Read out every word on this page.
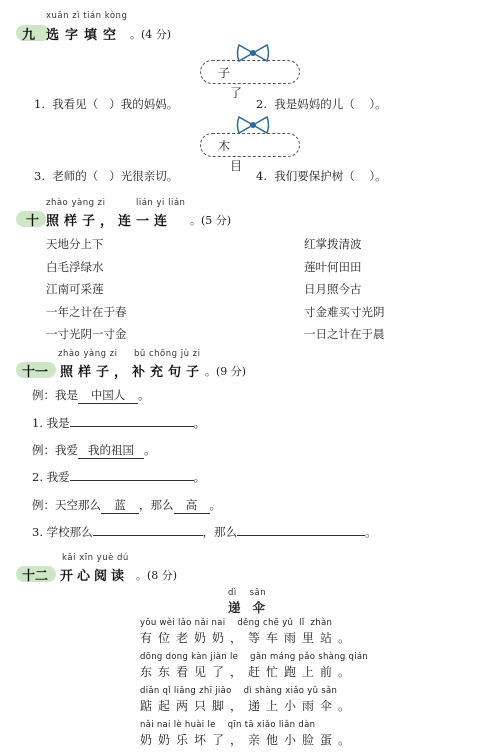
xuǎn zì tián kòng
九 选字填空 。(4 分)
子 了
1. 我看见（ ）我的妈妈。	2. 我是妈妈的儿（ ）。
木 目
3. 老师的（ ）光很亲切。	4. 我们要保护树（ ）。
zhào yàng zi	lián yi lián
十 照样子，连一连 。(5 分)
天地分上下
白毛浮绿水
江南可采莲
一年之计在于春
一寸光阴一寸金
红掌拨清波
莲叶何田田
日月照今古
寸金难买寸光阴
一日之计在于晨
zhào yàng zi bǔ chōng jù zi
十一 照样子，补充句子 。(9 分)
例：我是 中国人 。
1. 我是	。
例：我爱 我的祖国 。
2. 我爱	。
例：天空那么 蓝 ，那么 高 。
3. 学校那么	，那么	。
kāi xīn yuè dú
十二 开心阅读 。(8 分)
dì    sǎn
递伞
yǒu wèi lǎo nǎi nai    děng chē yǔ  lǐ  zhàn
有位老奶奶，等车雨里站。
dōng dong kàn jiàn le    gǎn máng pǎo shàng qián
东东看见了，赶忙跑上前。
diǎn qǐ liǎng zhī jiǎo    dì shàng xiǎo yǔ sǎn
踮起两只脚，递上小雨伞。
nǎi nai lè huài le    qīn tā xiǎo liǎn dàn
奶奶乐坏了，亲他小脸蛋。
